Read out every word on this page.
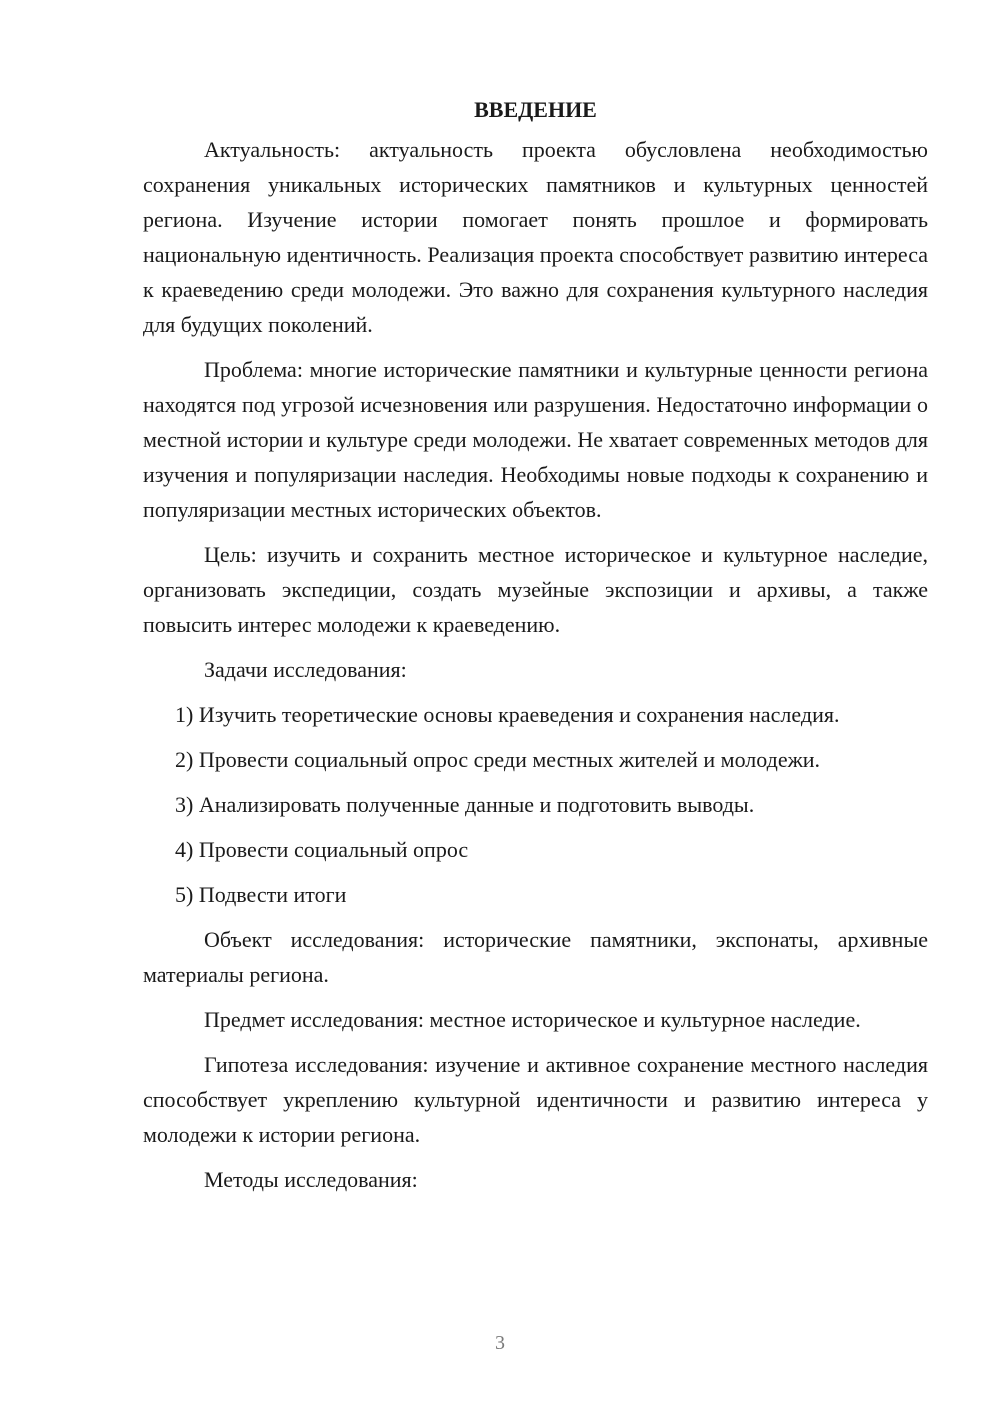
ВВЕДЕНИЕ

Актуальность: актуальность проекта обусловлена необходимостью сохранения уникальных исторических памятников и культурных ценностей региона. Изучение истории помогает понять прошлое и формировать национальную идентичность. Реализация проекта способствует развитию интереса к краеведению среди молодежи. Это важно для сохранения культурного наследия для будущих поколений.

Проблема: многие исторические памятники и культурные ценности региона находятся под угрозой исчезновения или разрушения. Недостаточно информации о местной истории и культуре среди молодежи. Не хватает современных методов для изучения и популяризации наследия. Необходимы новые подходы к сохранению и популяризации местных исторических объектов.

Цель: изучить и сохранить местное историческое и культурное наследие, организовать экспедиции, создать музейные экспозиции и архивы, а также повысить интерес молодежи к краеведению.

Задачи исследования:

1) Изучить теоретические основы краеведения и сохранения наследия.

2) Провести социальный опрос среди местных жителей и молодежи.

3) Анализировать полученные данные и подготовить выводы.

4) Провести социальный опрос

5) Подвести итоги

Объект исследования: исторические памятники, экспонаты, архивные материалы региона.

Предмет исследования: местное историческое и культурное наследие.

Гипотеза исследования: изучение и активное сохранение местного наследия способствует укреплению культурной идентичности и развитию интереса у молодежи к истории региона.

Методы исследования:

3
